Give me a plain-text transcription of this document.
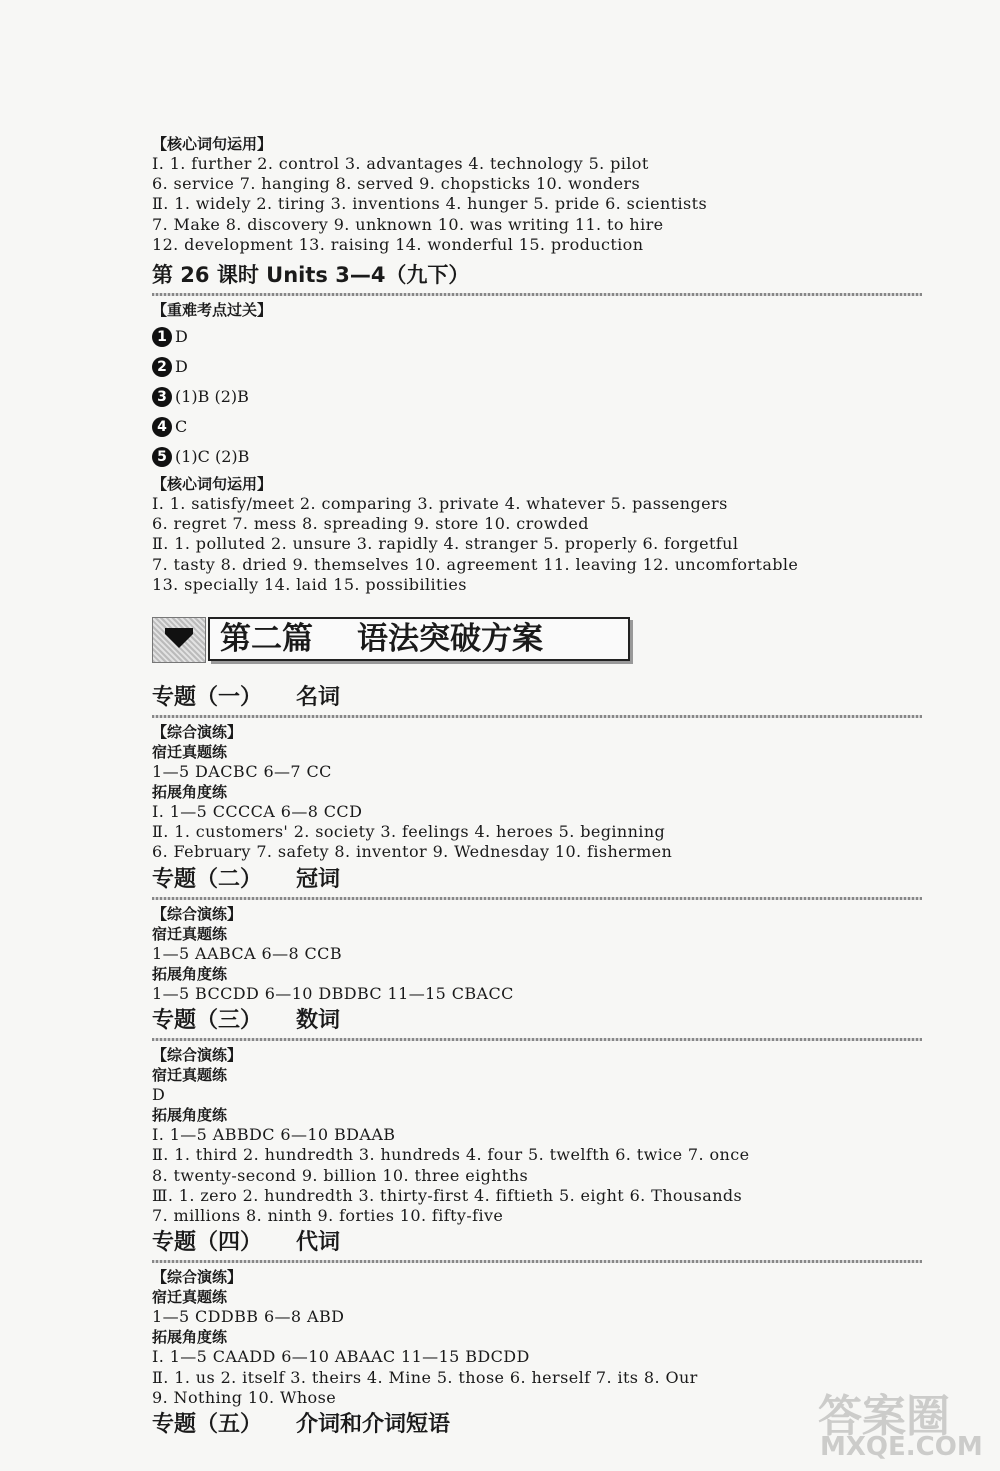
【核心词句运用】
Ⅰ. 1. further 2. control 3. advantages 4. technology 5. pilot
6. service 7. hanging 8. served 9. chopsticks 10. wonders
Ⅱ. 1. widely 2. tiring 3. inventions 4. hunger 5. pride 6. scientists
7. Make 8. discovery 9. unknown 10. was writing 11. to hire
12. development 13. raising 14. wonderful 15. production
第 26 课时 Units 3—4（九下）
【重难考点过关】
1 D
2 D
3 (1)B (2)B
4 C
5 (1)C (2)B
【核心词句运用】
Ⅰ. 1. satisfy/meet 2. comparing 3. private 4. whatever 5. passengers
6. regret 7. mess 8. spreading 9. store 10. crowded
Ⅱ. 1. polluted 2. unsure 3. rapidly 4. stranger 5. properly 6. forgetful
7. tasty 8. dried 9. themselves 10. agreement 11. leaving 12. uncomfortable
13. specially 14. laid 15. possibilities
第二篇 语法突破方案
专题（一） 名词
【综合演练】
宿迁真题练
1—5 DACBC 6—7 CC
拓展角度练
Ⅰ. 1—5 CCCCA 6—8 CCD
Ⅱ. 1. customers' 2. society 3. feelings 4. heroes 5. beginning
6. February 7. safety 8. inventor 9. Wednesday 10. fishermen
专题（二） 冠词
【综合演练】
宿迁真题练
1—5 AABCA 6—8 CCB
拓展角度练
1—5 BCCDD 6—10 DBDBC 11—15 CBACC
专题（三） 数词
【综合演练】
宿迁真题练
D
拓展角度练
Ⅰ. 1—5 ABBDC 6—10 BDAAB
Ⅱ. 1. third 2. hundredth 3. hundreds 4. four 5. twelfth 6. twice 7. once
8. twenty-second 9. billion 10. three eighths
Ⅲ. 1. zero 2. hundredth 3. thirty-first 4. fiftieth 5. eight 6. Thousands
7. millions 8. ninth 9. forties 10. fifty-five
专题（四） 代词
【综合演练】
宿迁真题练
1—5 CDDBB 6—8 ABD
拓展角度练
Ⅰ. 1—5 CAADD 6—10 ABAAC 11—15 BDCDD
Ⅱ. 1. us 2. itself 3. theirs 4. Mine 5. those 6. herself 7. its 8. Our
9. Nothing 10. Whose
专题（五） 介词和介词短语	答案圈
MXQE.COM
